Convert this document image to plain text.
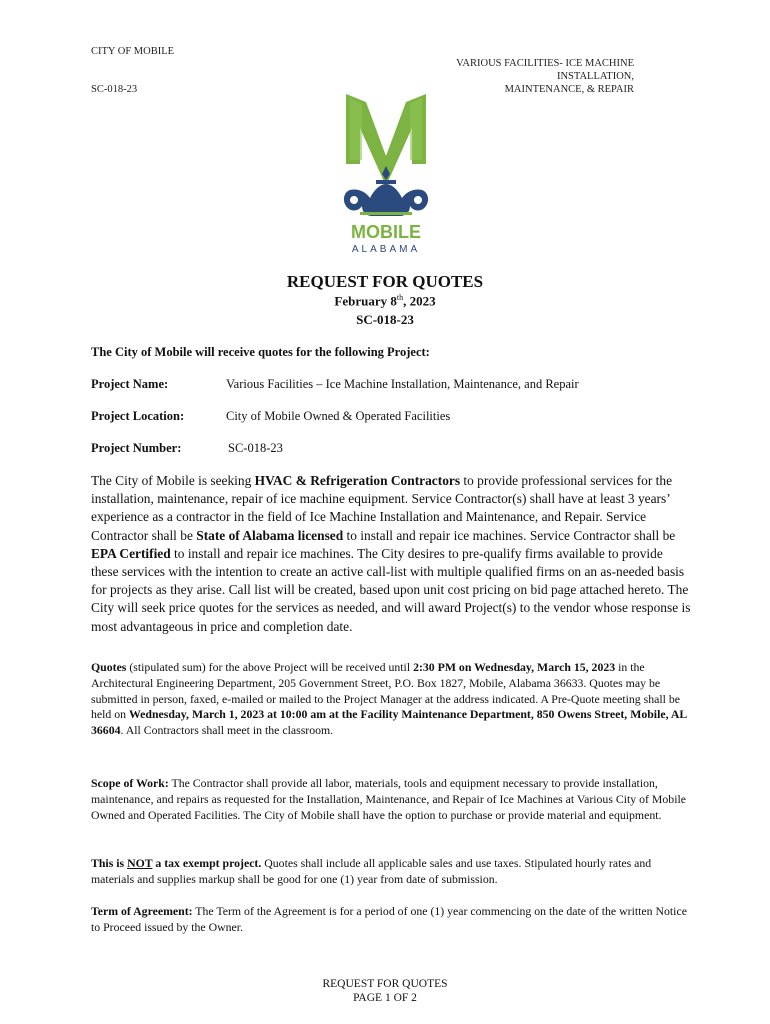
CITY OF MOBILE
SC-018-23
VARIOUS FACILITIES- ICE MACHINE
INSTALLATION,
MAINTENANCE, & REPAIR
MOBILE
ALABAMA
REQUEST FOR QUOTES
February 8th, 2023
SC-018-23
The City of Mobile will receive quotes for the following Project:
Project Name:	Various Facilities – Ice Machine Installation, Maintenance, and Repair
Project Location:	City of Mobile Owned & Operated Facilities
Project Number:	SC-018-23
The City of Mobile is seeking HVAC & Refrigeration Contractors to provide professional services for the installation, maintenance, repair of ice machine equipment. Service Contractor(s) shall have at least 3 years’ experience as a contractor in the field of Ice Machine Installation and Maintenance, and Repair. Service Contractor shall be State of Alabama licensed to install and repair ice machines. Service Contractor shall be EPA Certified to install and repair ice machines. The City desires to pre-qualify firms available to provide these services with the intention to create an active call-list with multiple qualified firms on an as-needed basis for projects as they arise. Call list will be created, based upon unit cost pricing on bid page attached hereto. The City will seek price quotes for the services as needed, and will award Project(s) to the vendor whose response is most advantageous in price and completion date.
Quotes (stipulated sum) for the above Project will be received until 2:30 PM on Wednesday, March 15, 2023 in the Architectural Engineering Department, 205 Government Street, P.O. Box 1827, Mobile, Alabama 36633. Quotes may be submitted in person, faxed, e-mailed or mailed to the Project Manager at the address indicated. A Pre-Quote meeting shall be held on Wednesday, March 1, 2023 at 10:00 am at the Facility Maintenance Department, 850 Owens Street, Mobile, AL 36604. All Contractors shall meet in the classroom.
Scope of Work: The Contractor shall provide all labor, materials, tools and equipment necessary to provide installation, maintenance, and repairs as requested for the Installation, Maintenance, and Repair of Ice Machines at Various City of Mobile Owned and Operated Facilities. The City of Mobile shall have the option to purchase or provide material and equipment.
This is NOT a tax exempt project. Quotes shall include all applicable sales and use taxes. Stipulated hourly rates and materials and supplies markup shall be good for one (1) year from date of submission.
Term of Agreement: The Term of the Agreement is for a period of one (1) year commencing on the date of the written Notice to Proceed issued by the Owner.
REQUEST FOR QUOTES
PAGE 1 OF 2
